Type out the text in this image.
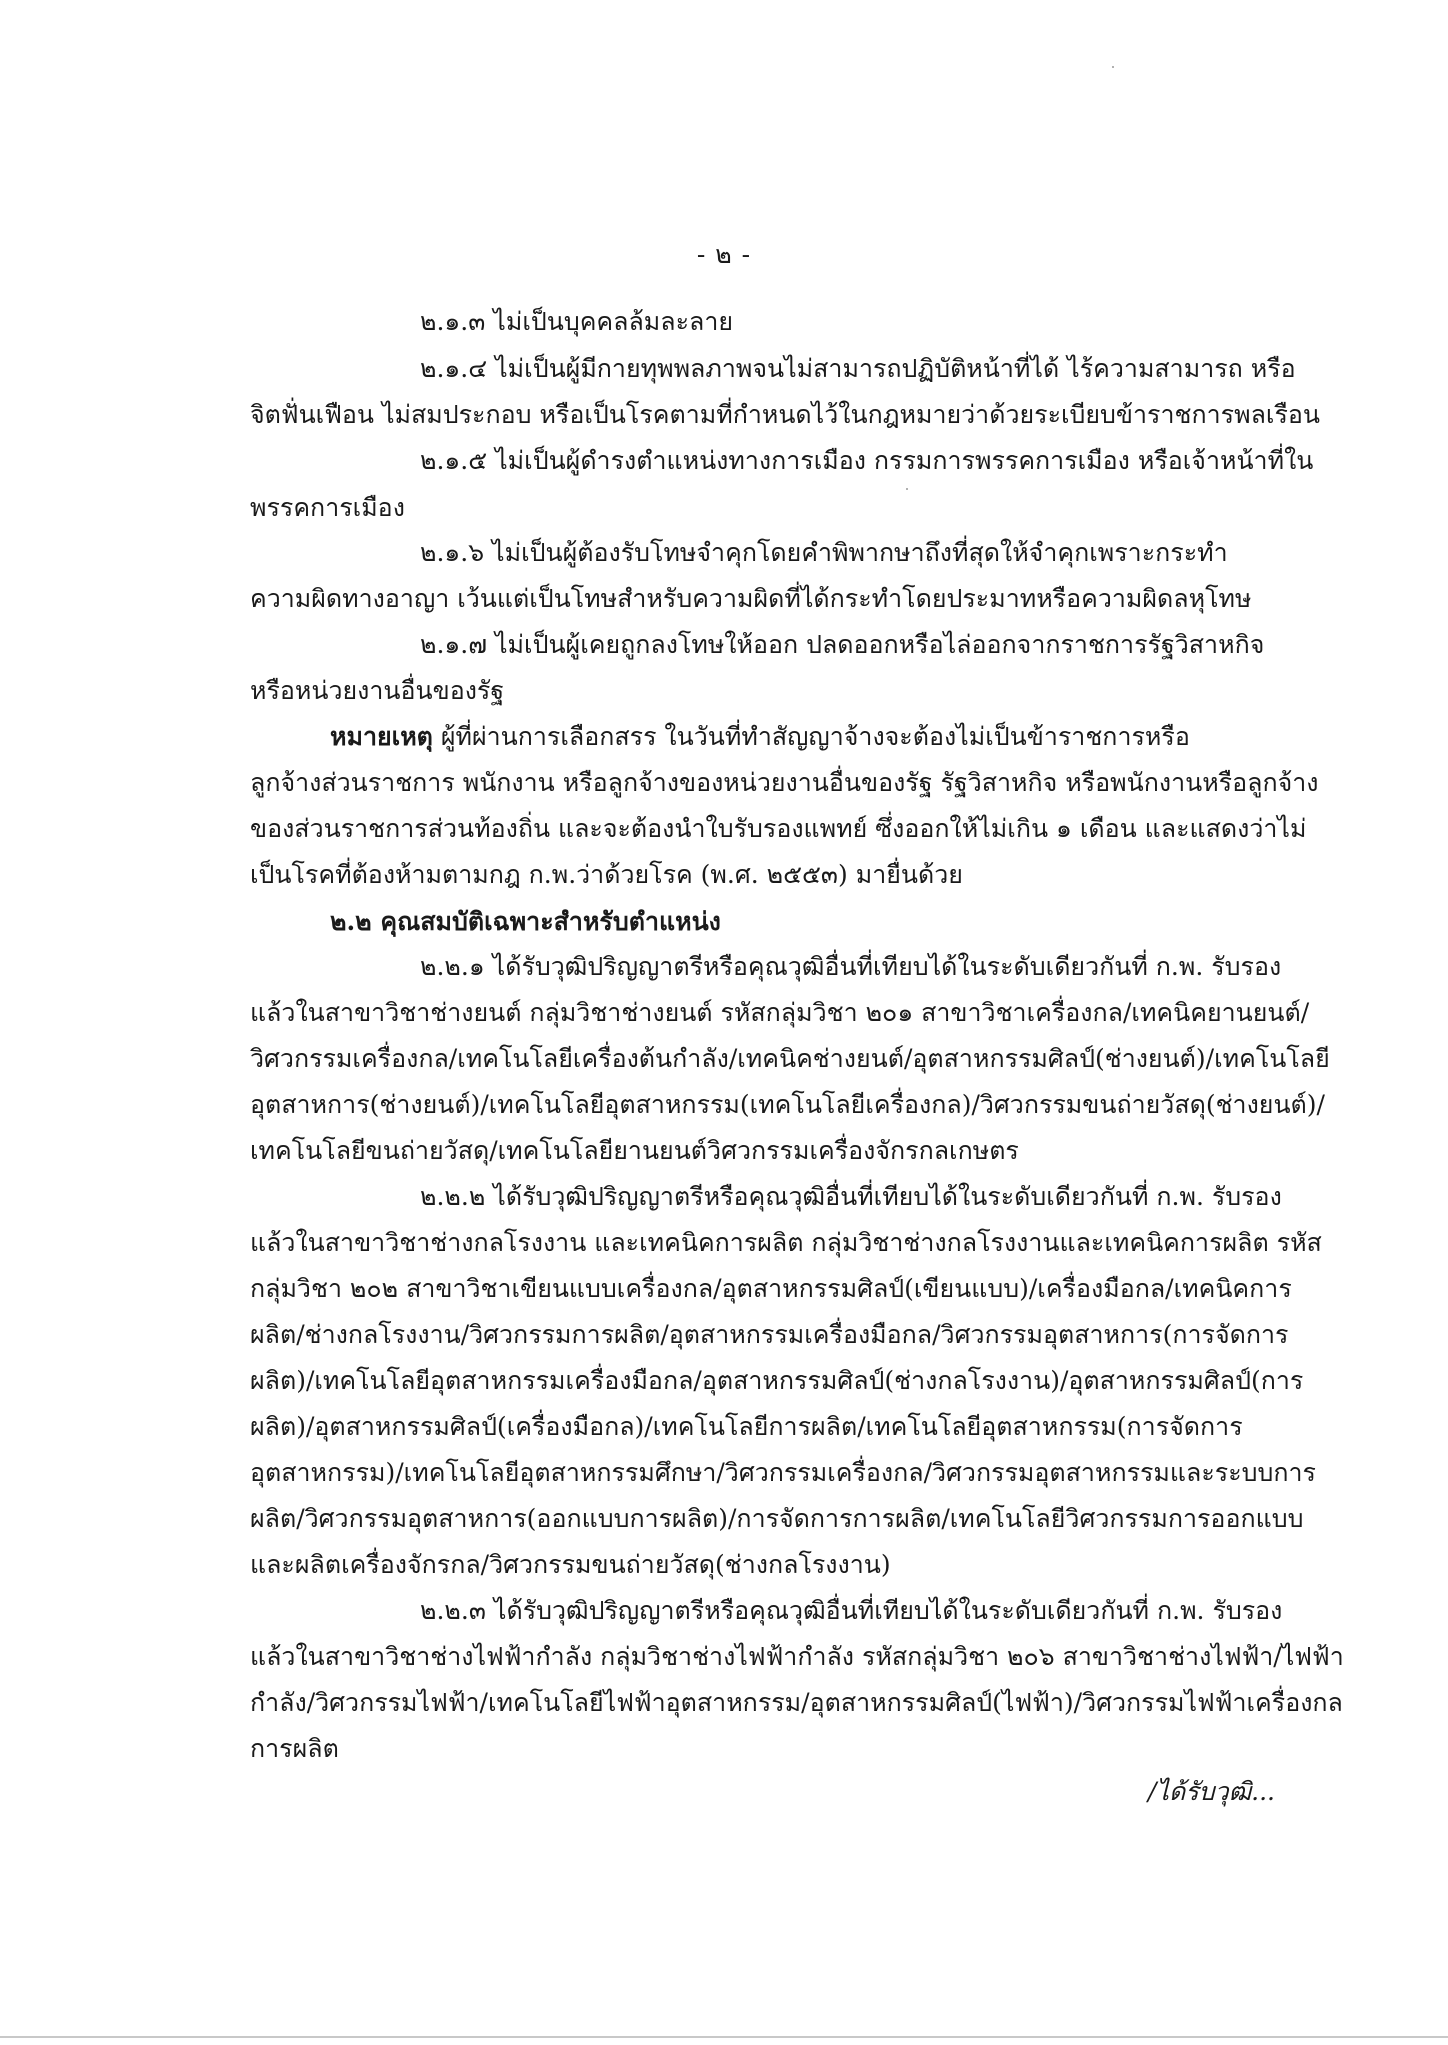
- ๒ -
๒.๑.๓ ไม่เป็นบุคคลล้มละลาย
๒.๑.๔ ไม่เป็นผู้มีกายทุพพลภาพจนไม่สามารถปฏิบัติหน้าที่ได้ ไร้ความสามารถ หรือ
จิตฟั่นเฟือน ไม่สมประกอบ หรือเป็นโรคตามที่กำหนดไว้ในกฎหมายว่าด้วยระเบียบข้าราชการพลเรือน
๒.๑.๕ ไม่เป็นผู้ดำรงตำแหน่งทางการเมือง กรรมการพรรคการเมือง หรือเจ้าหน้าที่ใน
พรรคการเมือง
๒.๑.๖ ไม่เป็นผู้ต้องรับโทษจำคุกโดยคำพิพากษาถึงที่สุดให้จำคุกเพราะกระทำ
ความผิดทางอาญา เว้นแต่เป็นโทษสำหรับความผิดที่ได้กระทำโดยประมาทหรือความผิดลหุโทษ
๒.๑.๗ ไม่เป็นผู้เคยถูกลงโทษให้ออก ปลดออกหรือไล่ออกจากราชการรัฐวิสาหกิจ
หรือหน่วยงานอื่นของรัฐ
หมายเหตุ ผู้ที่ผ่านการเลือกสรร ในวันที่ทำสัญญาจ้างจะต้องไม่เป็นข้าราชการหรือ
ลูกจ้างส่วนราชการ พนักงาน หรือลูกจ้างของหน่วยงานอื่นของรัฐ รัฐวิสาหกิจ หรือพนักงานหรือลูกจ้าง
ของส่วนราชการส่วนท้องถิ่น และจะต้องนำใบรับรองแพทย์ ซึ่งออกให้ไม่เกิน ๑ เดือน และแสดงว่าไม่
เป็นโรคที่ต้องห้ามตามกฎ ก.พ.ว่าด้วยโรค (พ.ศ. ๒๕๕๓) มายื่นด้วย
๒.๒ คุณสมบัติเฉพาะสำหรับตำแหน่ง
๒.๒.๑ ได้รับวุฒิปริญญาตรีหรือคุณวุฒิอื่นที่เทียบได้ในระดับเดียวกันที่ ก.พ. รับรอง
แล้วในสาขาวิชาช่างยนต์ กลุ่มวิชาช่างยนต์ รหัสกลุ่มวิชา ๒๐๑ สาขาวิชาเครื่องกล/เทคนิคยานยนต์/
วิศวกรรมเครื่องกล/เทคโนโลยีเครื่องต้นกำลัง/เทคนิคช่างยนต์/อุตสาหกรรมศิลป์(ช่างยนต์)/เทคโนโลยี
อุตสาหการ(ช่างยนต์)/เทคโนโลยีอุตสาหกรรม(เทคโนโลยีเครื่องกล)/วิศวกรรมขนถ่ายวัสดุ(ช่างยนต์)/
เทคโนโลยีขนถ่ายวัสดุ/เทคโนโลยียานยนต์วิศวกรรมเครื่องจักรกลเกษตร
๒.๒.๒ ได้รับวุฒิปริญญาตรีหรือคุณวุฒิอื่นที่เทียบได้ในระดับเดียวกันที่ ก.พ. รับรอง
แล้วในสาขาวิชาช่างกลโรงงาน และเทคนิคการผลิต กลุ่มวิชาช่างกลโรงงานและเทคนิคการผลิต รหัส
กลุ่มวิชา ๒๐๒ สาขาวิชาเขียนแบบเครื่องกล/อุตสาหกรรมศิลป์(เขียนแบบ)/เครื่องมือกล/เทคนิคการ
ผลิต/ช่างกลโรงงาน/วิศวกรรมการผลิต/อุตสาหกรรมเครื่องมือกล/วิศวกรรมอุตสาหการ(การจัดการ
ผลิต)/เทคโนโลยีอุตสาหกรรมเครื่องมือกล/อุตสาหกรรมศิลป์(ช่างกลโรงงาน)/อุตสาหกรรมศิลป์(การ
ผลิต)/อุตสาหกรรมศิลป์(เครื่องมือกล)/เทคโนโลยีการผลิต/เทคโนโลยีอุตสาหกรรม(การจัดการ
อุตสาหกรรม)/เทคโนโลยีอุตสาหกรรมศึกษา/วิศวกรรมเครื่องกล/วิศวกรรมอุตสาหกรรมและระบบการ
ผลิต/วิศวกรรมอุตสาหการ(ออกแบบการผลิต)/การจัดการการผลิต/เทคโนโลยีวิศวกรรมการออกแบบ
และผลิตเครื่องจักรกล/วิศวกรรมขนถ่ายวัสดุ(ช่างกลโรงงาน)
๒.๒.๓ ได้รับวุฒิปริญญาตรีหรือคุณวุฒิอื่นที่เทียบได้ในระดับเดียวกันที่ ก.พ. รับรอง
แล้วในสาขาวิชาช่างไฟฟ้ากำลัง กลุ่มวิชาช่างไฟฟ้ากำลัง รหัสกลุ่มวิชา ๒๐๖ สาขาวิชาช่างไฟฟ้า/ไฟฟ้า
กำลัง/วิศวกรรมไฟฟ้า/เทคโนโลยีไฟฟ้าอุตสาหกรรม/อุตสาหกรรมศิลป์(ไฟฟ้า)/วิศวกรรมไฟฟ้าเครื่องกล
การผลิต
/ได้รับวุฒิ...
